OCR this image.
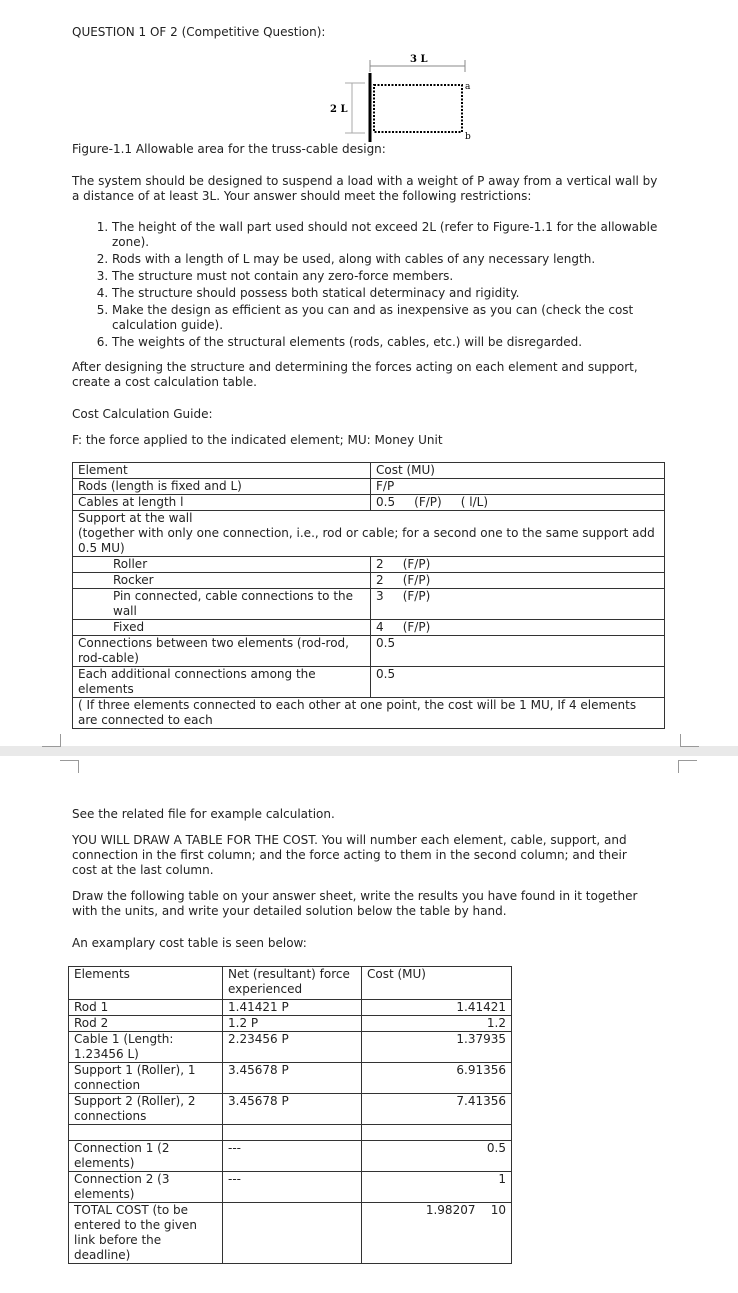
QUESTION 1 OF 2 (Competitive Question):
3 L
2 L
a
b
Figure-1.1 Allowable area for the truss-cable design:
The system should be designed to suspend a load with a weight of P away from a vertical wall by a distance of at least 3L. Your answer should meet the following restrictions:
1. The height of the wall part used should not exceed 2L (refer to Figure-1.1 for the allowable zone).
2. Rods with a length of L may be used, along with cables of any necessary length.
3. The structure must not contain any zero-force members.
4. The structure should possess both statical determinacy and rigidity.
5. Make the design as efficient as you can and as inexpensive as you can (check the cost calculation guide).
6. The weights of the structural elements (rods, cables, etc.) will be disregarded.
After designing the structure and determining the forces acting on each element and support, create a cost calculation table.
Cost Calculation Guide:
F: the force applied to the indicated element; MU: Money Unit
Element	Cost (MU)
Rods (length is fixed and L)	F/P
Cables at length l	0.5     (F/P)     ( l/L)
Support at the wall
(together with only one connection, i.e., rod or cable; for a second one to the same support add 0.5 MU)	
Roller	2     (F/P)
Rocker	2     (F/P)
Pin connected, cable connections to the wall	3     (F/P)
Fixed	4     (F/P)
Connections between two elements (rod-rod, rod-cable)	0.5
Each additional connections among the elements	0.5
( If three elements connected to each other at one point, the cost will be 1 MU, If 4 elements are connected to each	
See the related file for example calculation.
YOU WILL DRAW A TABLE FOR THE COST. You will number each element, cable, support, and connection in the first column; and the force acting to them in the second column; and their cost at the last column.
Draw the following table on your answer sheet, write the results you have found in it together with the units, and write your detailed solution below the table by hand.
An examplary cost table is seen below:
Elements	Net (resultant) force experienced	Cost (MU)
Rod 1	1.41421 P	1.41421
Rod 2	1.2 P	1.2
Cable 1 (Length: 1.23456 L)	2.23456 P	1.37935
Support 1 (Roller), 1 connection	3.45678 P	6.91356
Support 2 (Roller), 2 connections	3.45678 P	7.41356

Connection 1 (2 elements)	---	0.5
Connection 2 (3 elements)	---	1
TOTAL COST (to be entered to the given link before the deadline)		1.98207    10
